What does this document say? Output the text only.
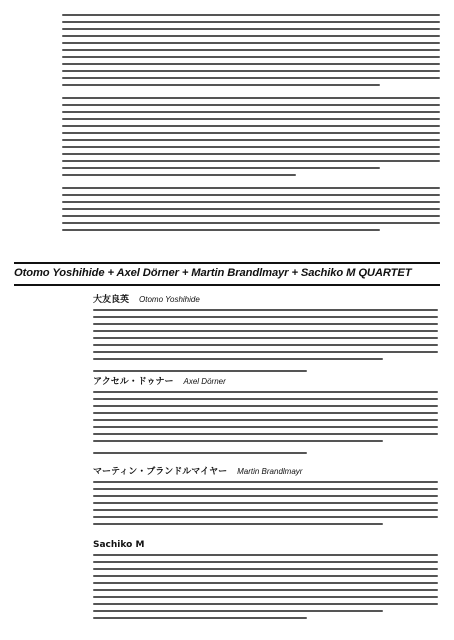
Otomo Yoshihide + Axel Dörner + Martin Brandlmayr + Sachiko M QUARTET
大友良英 Otomo Yoshihide
アクセル・ドゥナー Axel Dörner
マーティン・ブランドルマイヤー Martin Brandlmayr
Sachiko M
